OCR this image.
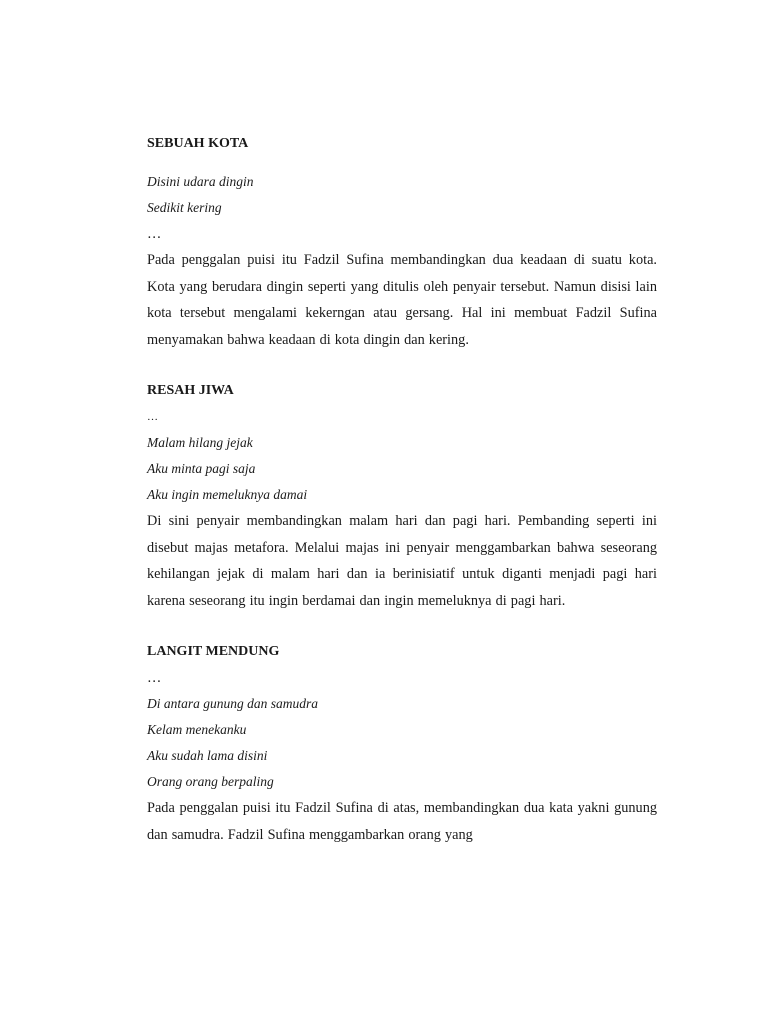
SEBUAH KOTA

Disini udara dingin

Sedikit kering

…

Pada penggalan puisi itu Fadzil Sufina membandingkan dua keadaan di suatu kota. Kota yang berudara dingin seperti yang ditulis oleh penyair tersebut. Namun disisi lain kota tersebut mengalami kekerngan atau gersang. Hal ini membuat Fadzil Sufina menyamakan bahwa keadaan di kota dingin dan kering.

RESAH JIWA

…

Malam hilang jejak

Aku minta pagi saja

Aku ingin memeluknya damai

Di sini penyair membandingkan malam hari dan pagi hari. Pembanding seperti ini disebut majas metafora. Melalui majas ini penyair menggambarkan bahwa seseorang kehilangan jejak di malam hari dan ia berinisiatif untuk diganti menjadi pagi hari karena seseorang itu ingin berdamai dan ingin memeluknya di pagi hari.

LANGIT MENDUNG

…

Di antara gunung dan samudra

Kelam menekanku

Aku sudah lama disini

Orang orang berpaling

Pada penggalan puisi itu Fadzil Sufina di atas, membandingkan dua kata yakni gunung dan samudra. Fadzil Sufina menggambarkan orang yang
